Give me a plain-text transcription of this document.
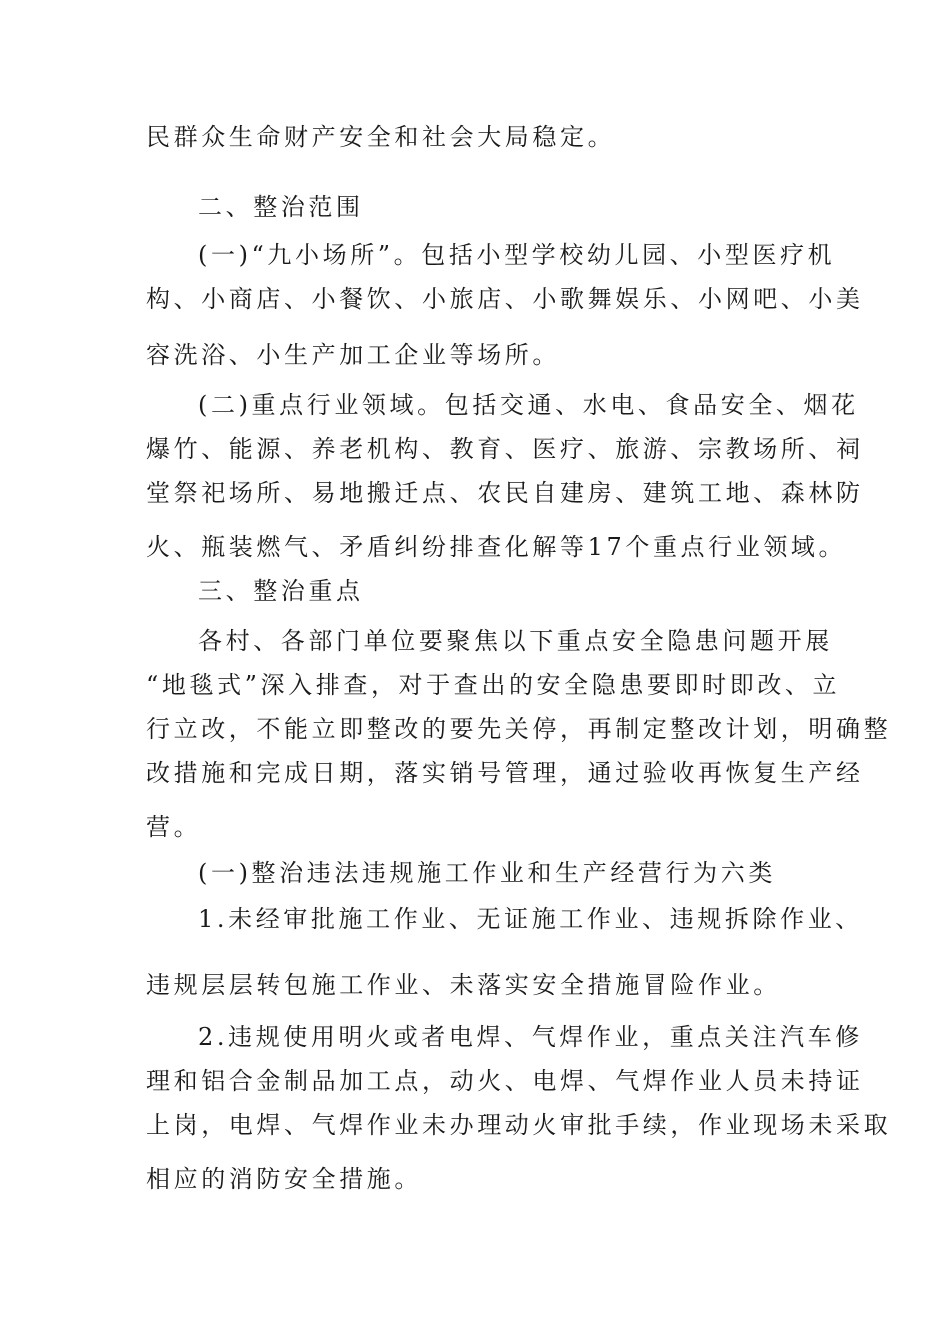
民群众生命财产安全和社会大局稳定。
二、整治范围
(一)“九小场所”。包括小型学校幼儿园、小型医疗机
构、小商店、小餐饮、小旅店、小歌舞娱乐、小网吧、小美
容洗浴、小生产加工企业等场所。
(二)重点行业领域。包括交通、水电、食品安全、烟花
爆竹、能源、养老机构、教育、医疗、旅游、宗教场所、祠
堂祭祀场所、易地搬迁点、农民自建房、建筑工地、森林防
火、瓶装燃气、矛盾纠纷排查化解等17个重点行业领域。
三、整治重点
各村、各部门单位要聚焦以下重点安全隐患问题开展
“地毯式”深入排查，对于查出的安全隐患要即时即改、立
行立改，不能立即整改的要先关停，再制定整改计划，明确整
改措施和完成日期，落实销号管理，通过验收再恢复生产经
营。
(一)整治违法违规施工作业和生产经营行为六类
1.未经审批施工作业、无证施工作业、违规拆除作业、
违规层层转包施工作业、未落实安全措施冒险作业。
2.违规使用明火或者电焊、气焊作业，重点关注汽车修
理和铝合金制品加工点，动火、电焊、气焊作业人员未持证
上岗，电焊、气焊作业未办理动火审批手续，作业现场未采取
相应的消防安全措施。
